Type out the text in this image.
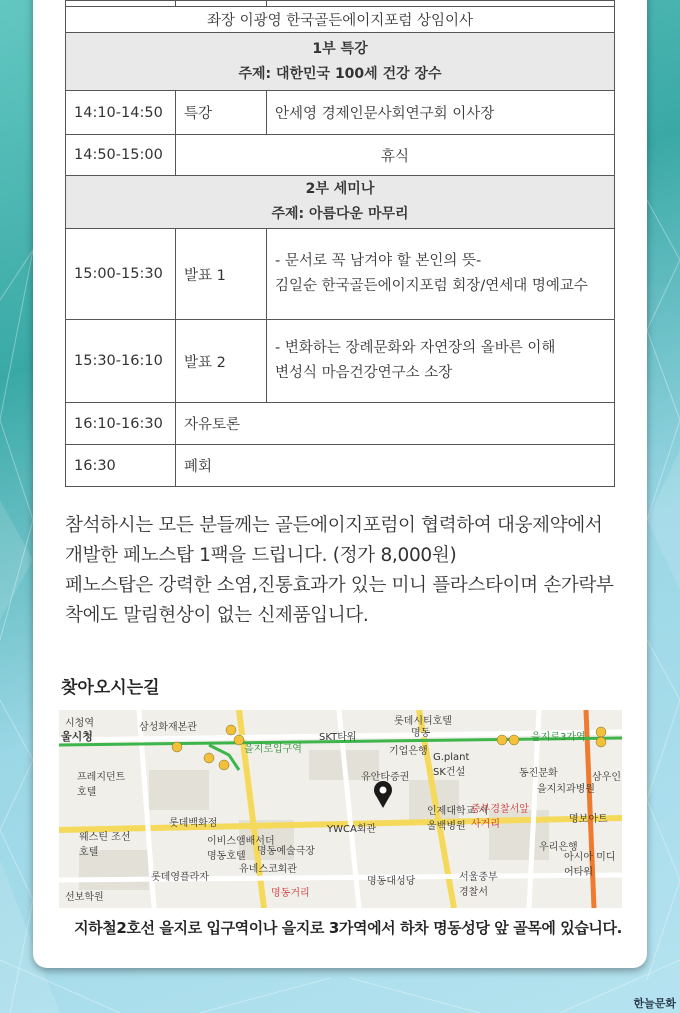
좌장 이광영 한국골든에이지포럼 상임이사		

1부 특강
주제: 대한민국 100세 건강 장수		

14:10-14:50	특강	안세영 경제인문사회연구회 이사장
14:50-15:00	휴식	

2부 세미나
주제: 아름다운 마무리		

15:00-15:30	발표 1	- 문서로 꼭 남겨야 할 본인의 뜻-
김일순 한국골든에이지포럼 회장/연세대 명예교수

15:30-16:10	발표 2	- 변화하는 장례문화와 자연장의 올바른 이해
변성식 마음건강연구소 소장

16:10-16:30	자유토론	
16:30	폐회	

참석하시는 모든 분들께는 골든에이지포럼이 협력하여 대웅제약에서

개발한 페노스탑 1팩을 드립니다. (정가 8,000원)

페노스탑은 강력한 소염,진통효과가 있는 미니 플라스타이며 손가락부

착에도 말림현상이 없는 신제품입니다.

찾아오시는길
시청역
울시청
삼성화재본관
롯데시티호텔
명동
SKT타워
기업은행
을지로3가역
을지로입구역
프레지던트 호텔
유안타증권
G.plant SK건설	동진문화
을지치과병원
삼우인
롯데백화점
인제대학교 서울백병원
중부경찰서앞 사거리
YWCA회관
웨스틴 조선호텔
이비스앰배서더 명동호텔	명동예술극장
명보아트
우리은행
아시아 미디어타워
유네스코회관
롯데영플라자	명동대성당	서울중부 경찰서
명동거리
선보학원
지하철2호선 을지로 입구역이나 을지로 3가역에서 하차 명동성당 앞 골목에 있습니다.
한늘문화
